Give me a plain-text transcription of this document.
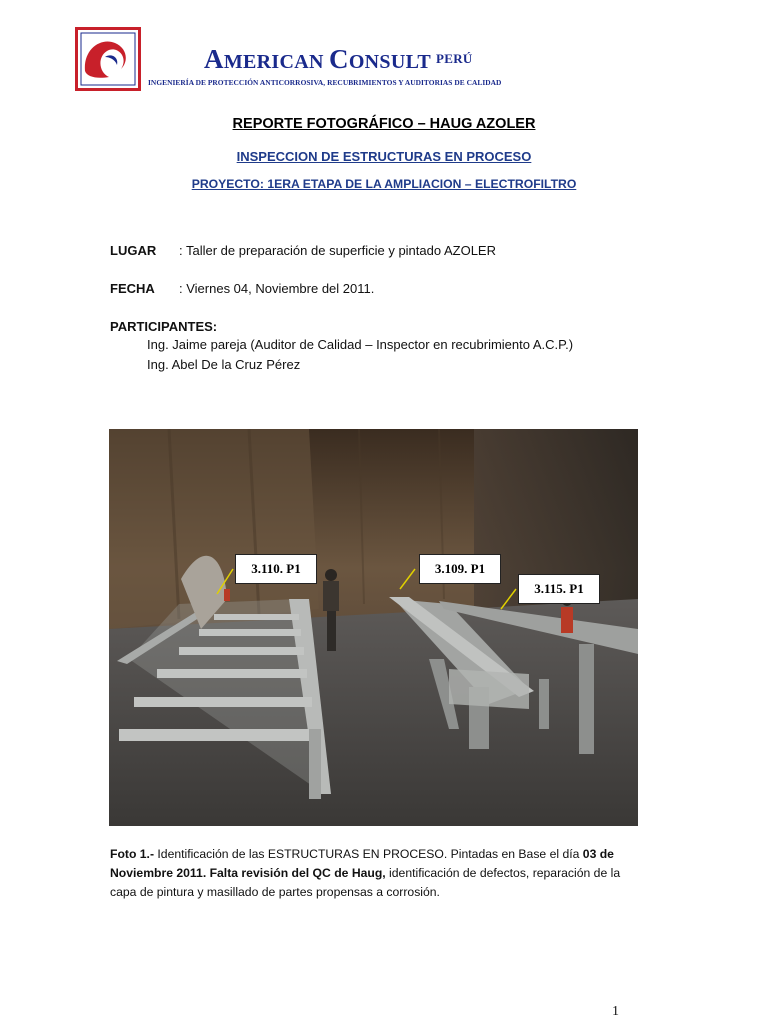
AMERICAN CONSULT $^{PERÚ}$
INGENIERÍA DE PROTECCIÓN ANTICORROSIVA, RECUBRIMIENTOS Y AUDITORIAS DE CALIDAD
REPORTE FOTOGRÁFICO – HAUG AZOLER
INSPECCION DE ESTRUCTURAS EN PROCESO
PROYECTO: 1ERA ETAPA DE LA AMPLIACION – ELECTROFILTRO
LUGAR : Taller de preparación de superficie y pintado AZOLER
FECHA : Viernes 04, Noviembre del 2011.
PARTICIPANTES:
Ing. Jaime pareja (Auditor de Calidad – Inspector en recubrimiento A.C.P.)
Ing. Abel De la Cruz Pérez
3.110. P1	3.109. P1
3.115. P1
Foto 1.- Identificación de las ESTRUCTURAS EN PROCESO. Pintadas en Base el día 03 de Noviembre 2011. Falta revisión del QC de Haug, identificación de defectos, reparación de la capa de pintura y masillado de partes propensas a corrosión.
1
